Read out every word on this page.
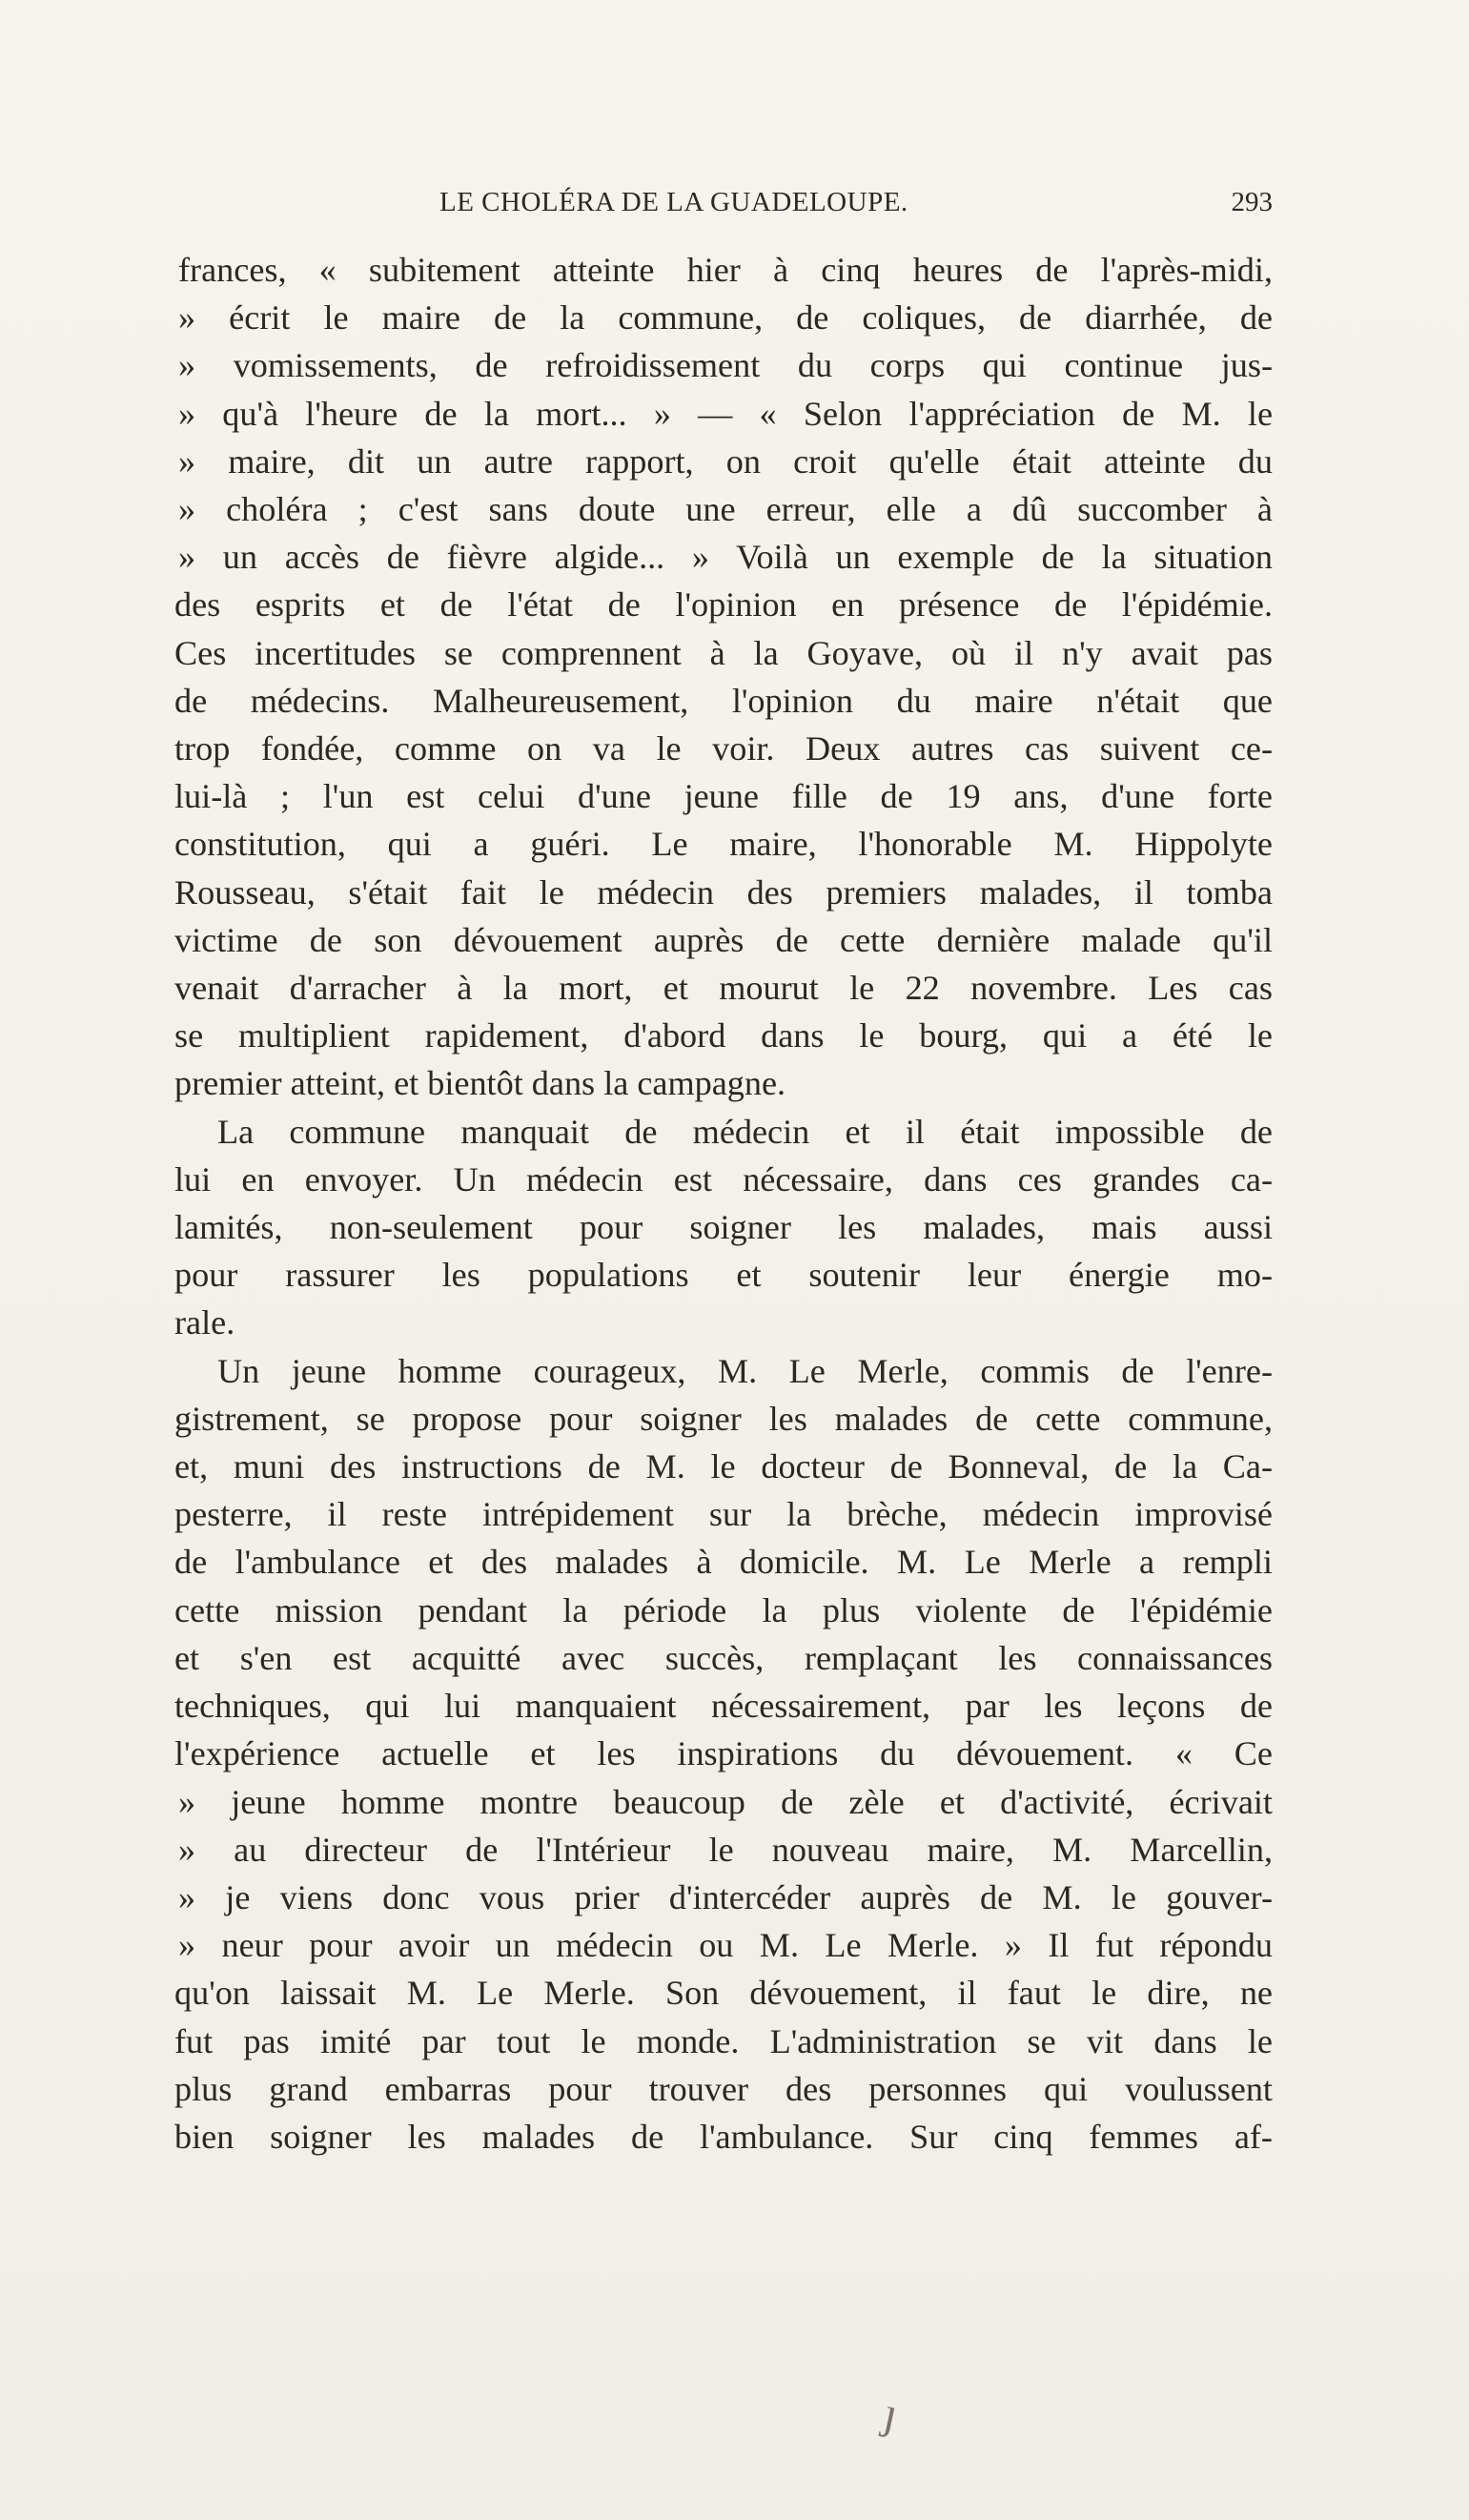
LE CHOLÉRA DE LA GUADELOUPE.	293
frances, « subitement atteinte hier à cinq heures de l'après-midi,
» écrit le maire de la commune, de coliques, de diarrhée, de
» vomissements, de refroidissement du corps qui continue jus-
» qu'à l'heure de la mort... » — « Selon l'appréciation de M. le
» maire, dit un autre rapport, on croit qu'elle était atteinte du
» choléra ; c'est sans doute une erreur, elle a dû succomber à
» un accès de fièvre algide... » Voilà un exemple de la situation
des esprits et de l'état de l'opinion en présence de l'épidémie.
Ces incertitudes se comprennent à la Goyave, où il n'y avait pas
de médecins. Malheureusement, l'opinion du maire n'était que
trop fondée, comme on va le voir. Deux autres cas suivent ce-
lui-là ; l'un est celui d'une jeune fille de 19 ans, d'une forte
constitution, qui a guéri. Le maire, l'honorable M. Hippolyte
Rousseau, s'était fait le médecin des premiers malades, il tomba
victime de son dévouement auprès de cette dernière malade qu'il
venait d'arracher à la mort, et mourut le 22 novembre. Les cas
se multiplient rapidement, d'abord dans le bourg, qui a été le
premier atteint, et bientôt dans la campagne.
La commune manquait de médecin et il était impossible de
lui en envoyer. Un médecin est nécessaire, dans ces grandes ca-
lamités, non-seulement pour soigner les malades, mais aussi
pour rassurer les populations et soutenir leur énergie mo-
rale.
Un jeune homme courageux, M. Le Merle, commis de l'enre-
gistrement, se propose pour soigner les malades de cette commune,
et, muni des instructions de M. le docteur de Bonneval, de la Ca-
pesterre, il reste intrépidement sur la brèche, médecin improvisé
de l'ambulance et des malades à domicile. M. Le Merle a rempli
cette mission pendant la période la plus violente de l'épidémie
et s'en est acquitté avec succès, remplaçant les connaissances
techniques, qui lui manquaient nécessairement, par les leçons de
l'expérience actuelle et les inspirations du dévouement. « Ce
» jeune homme montre beaucoup de zèle et d'activité, écrivait
» au directeur de l'Intérieur le nouveau maire, M. Marcellin,
» je viens donc vous prier d'intercéder auprès de M. le gouver-
» neur pour avoir un médecin ou M. Le Merle. » Il fut répondu
qu'on laissait M. Le Merle. Son dévouement, il faut le dire, ne
fut pas imité par tout le monde. L'administration se vit dans le
plus grand embarras pour trouver des personnes qui voulussent
bien soigner les malades de l'ambulance. Sur cinq femmes af-
ȷ
